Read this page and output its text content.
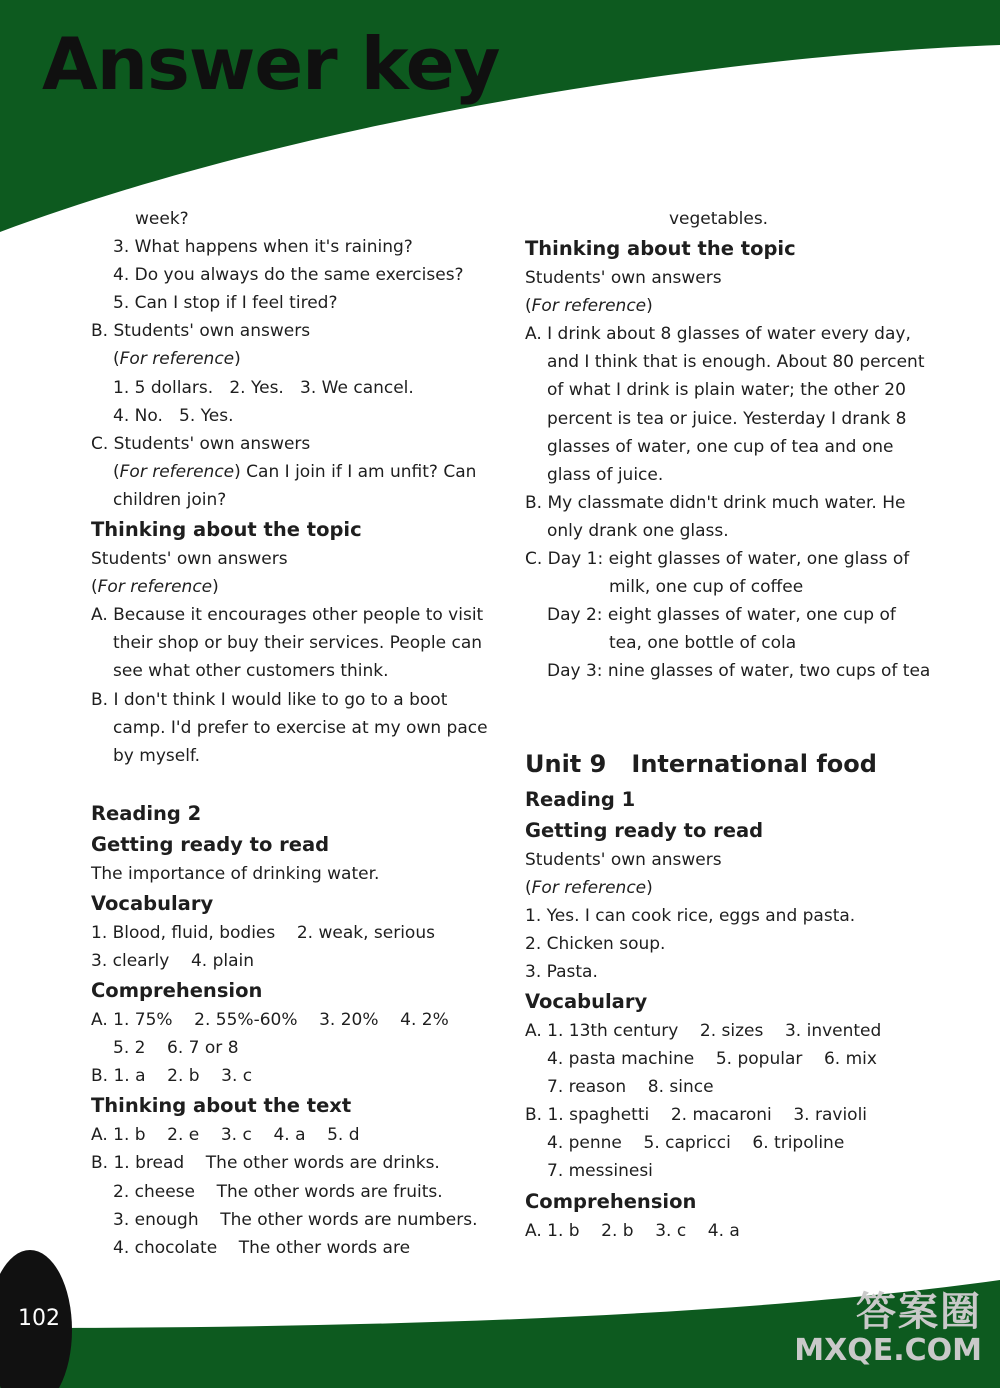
Answer key
week?
3. What happens when it's raining?
4. Do you always do the same exercises?
5. Can I stop if I feel tired?
B. Students' own answers
(For reference)
1. 5 dollars.   2. Yes.   3. We cancel.
4. No.   5. Yes.
C. Students' own answers
(For reference) Can I join if I am unfit? Can
children join?
Thinking about the topic
Students' own answers
(For reference)
A. Because it encourages other people to visit
their shop or buy their services. People can
see what other customers think.
B. I don't think I would like to go to a boot
camp. I'd prefer to exercise at my own pace
by myself.
Reading 2
Getting ready to read
The importance of drinking water.
Vocabulary
1. Blood, fluid, bodies    2. weak, serious
3. clearly    4. plain
Comprehension
A. 1. 75%    2. 55%-60%    3. 20%    4. 2%
5. 2    6. 7 or 8
B. 1. a    2. b    3. c
Thinking about the text
A. 1. b    2. e    3. c    4. a    5. d
B. 1. bread    The other words are drinks.
2. cheese    The other words are fruits.
3. enough    The other words are numbers.
4. chocolate    The other words are
vegetables.
Thinking about the topic
Students' own answers
(For reference)
A. I drink about 8 glasses of water every day,
and I think that is enough. About 80 percent
of what I drink is plain water; the other 20
percent is tea or juice. Yesterday I drank 8
glasses of water, one cup of tea and one
glass of juice.
B. My classmate didn't drink much water. He
only drank one glass.
C. Day 1: eight glasses of water, one glass of
milk, one cup of coffee
Day 2: eight glasses of water, one cup of
tea, one bottle of cola
Day 3: nine glasses of water, two cups of tea
Unit 9   International food
Reading 1
Getting ready to read
Students' own answers
(For reference)
1. Yes. I can cook rice, eggs and pasta.
2. Chicken soup.
3. Pasta.
Vocabulary
A. 1. 13th century    2. sizes    3. invented
4. pasta machine    5. popular    6. mix
7. reason    8. since
B. 1. spaghetti    2. macaroni    3. ravioli
4. penne    5. capricci    6. tripoline
7. messinesi
Comprehension
A. 1. b    2. b    3. c    4. a
102	答案圈
MXQE.COM
